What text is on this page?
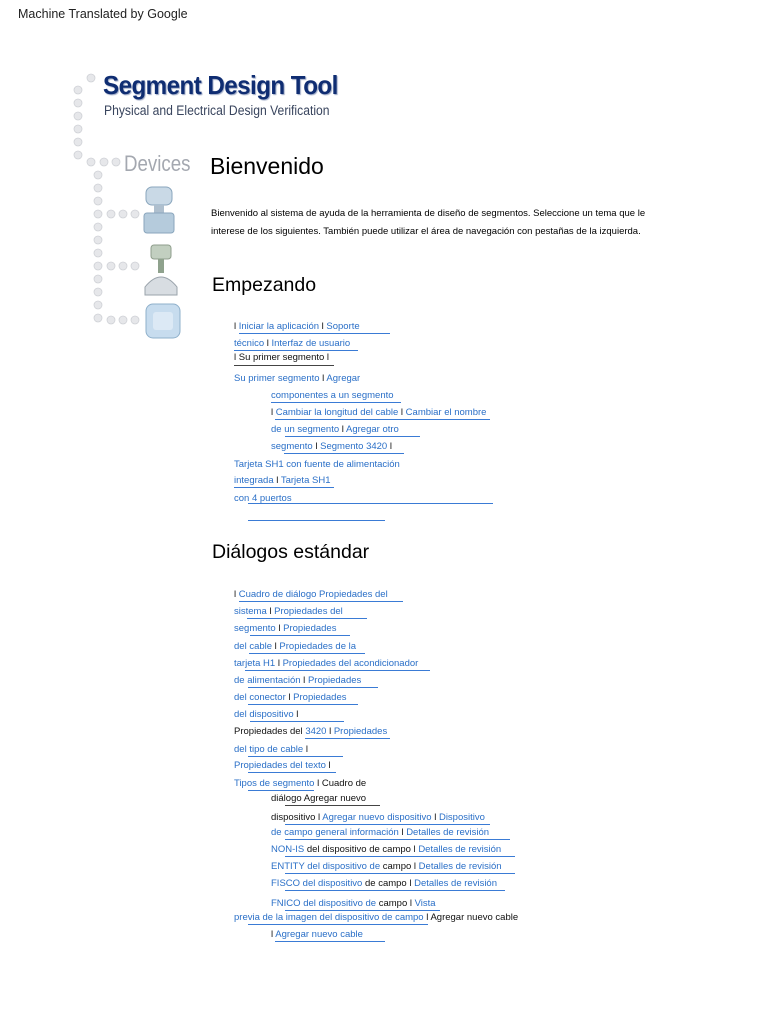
Machine Translated by Google
Segment Design Tool
Physical and Electrical Design Verification
Devices Bienvenido
Bienvenido al sistema de ayuda de la herramienta de diseño de segmentos. Seleccione un tema que le
interese de los siguientes. También puede utilizar el área de navegación con pestañas de la izquierda.
Empezando
l Iniciar la aplicación l Soporte
técnico l Interfaz de usuario
l Su primer segmento l
Su primer segmento l Agregar
componentes a un segmento
l Cambiar la longitud del cable l Cambiar el nombre
de un segmento l Agregar otro
segmento l Segmento 3420 l
Tarjeta SH1 con fuente de alimentación
integrada l Tarjeta SH1
con 4 puertos
Diálogos estándar
l Cuadro de diálogo Propiedades del
sistema l Propiedades del
segmento l Propiedades
del cable l Propiedades de la
tarjeta H1 l Propiedades del acondicionador
de alimentación l Propiedades
del conector l Propiedades
del dispositivo l
Propiedades del 3420 l Propiedades
del tipo de cable l
Propiedades del texto l
Tipos de segmento l Cuadro de
diálogo Agregar nuevo
dispositivo l Agregar nuevo dispositivo l Dispositivo
de campo general información l Detalles de revisión
NON-IS del dispositivo de campo l Detalles de revisión
ENTITY del dispositivo de campo l Detalles de revisión
FISCO del dispositivo de campo l Detalles de revisión
FNICO del dispositivo de campo l Vista
previa de la imagen del dispositivo de campo l Agregar nuevo cable
l Agregar nuevo cable
